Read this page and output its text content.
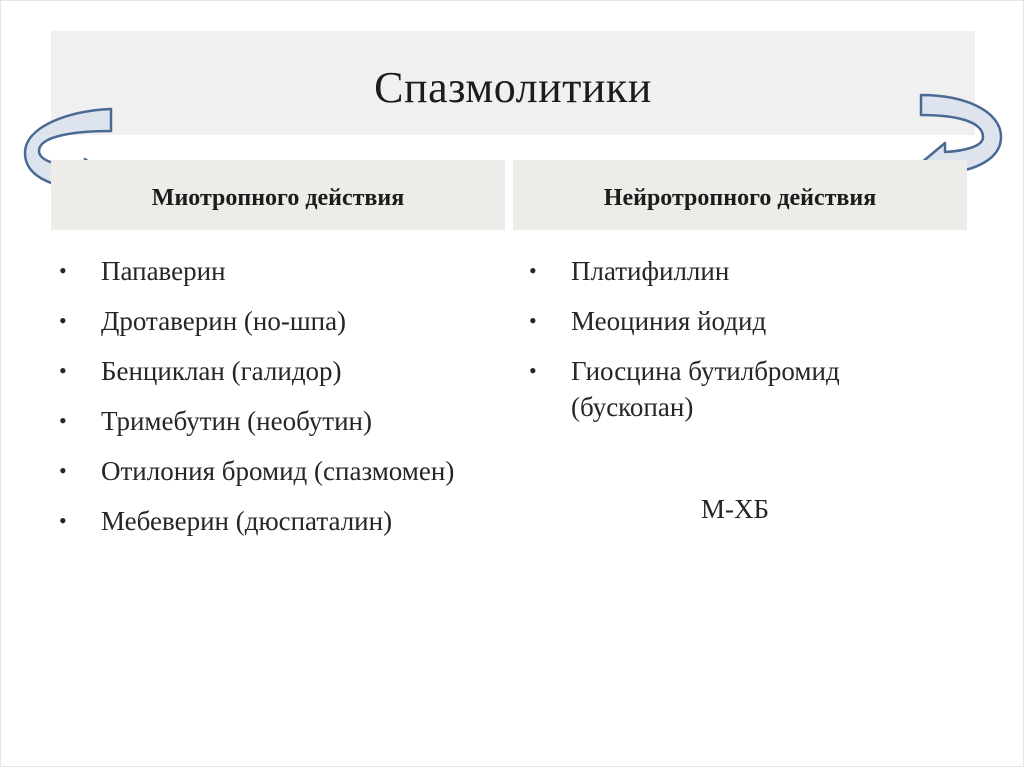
Спазмолитики
Миотропного действия	Нейротропного действия
• Папаверин
• Дротаверин (но-шпа)
• Бенциклан (галидор)
• Тримебутин (необутин)
• Отилония бромид (спазмомен)
• Мебеверин (дюспаталин)
• Платифиллин
• Меоциния йодид
• Гиосцина бутилбромид (бускопан)
М-ХБ
